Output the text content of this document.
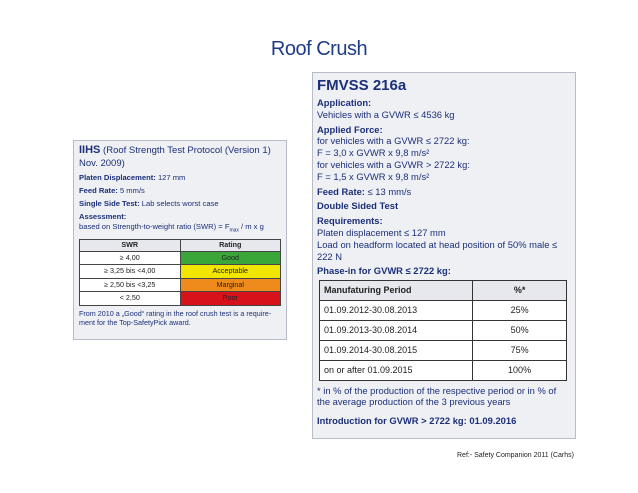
Roof Crush
IIHS (Roof Strength Test Protocol (Version 1) Nov. 2009)
Platen Displacement: 127 mm
Feed Rate: 5 mm/s
Single Side Test: Lab selects worst case
Assessment:
based on Strength-to-weight ratio $(SWR) = F_{max} / m$ x g
SWR	Rating
≥ 4,00	Good
≥ 3,25 bis <4,00	Acceptable
≥ 2,50 bis <3,25	Marginal
< 2,50	Poor
From 2010 a „Good“ rating in the roof crush test is a require-ment for the Top-SafetyPick award.
FMVSS 216a
Application:
Vehicles with a GVWR ≤ 4536 kg
Applied Force:
for vehicles with a GVWR ≤ 2722 kg:
F = 3,0 x GVWR x 9,8 m/s²
for vehicles with a GVWR > 2722 kg:
F = 1,5 x GVWR x 9,8 m/s²
Feed Rate: ≤ 13 mm/s
Double Sided Test
Requirements:
Platen displacement ≤ 127 mm
Load on headform located at head position of 50% male ≤ 222 N
Phase-in for GVWR ≤ 2722 kg:
Manufaturing Period	%*
01.09.2012-30.08.2013	25%
01.09.2013-30.08.2014	50%
01.09.2014-30.08.2015	75%
on or after 01.09.2015	100%
* in % of the production of the respective period or in % of the average production of the 3 previous years
Introduction for GVWR > 2722 kg: 01.09.2016
Ref:- Safety Companion 2011 (Carhs)
